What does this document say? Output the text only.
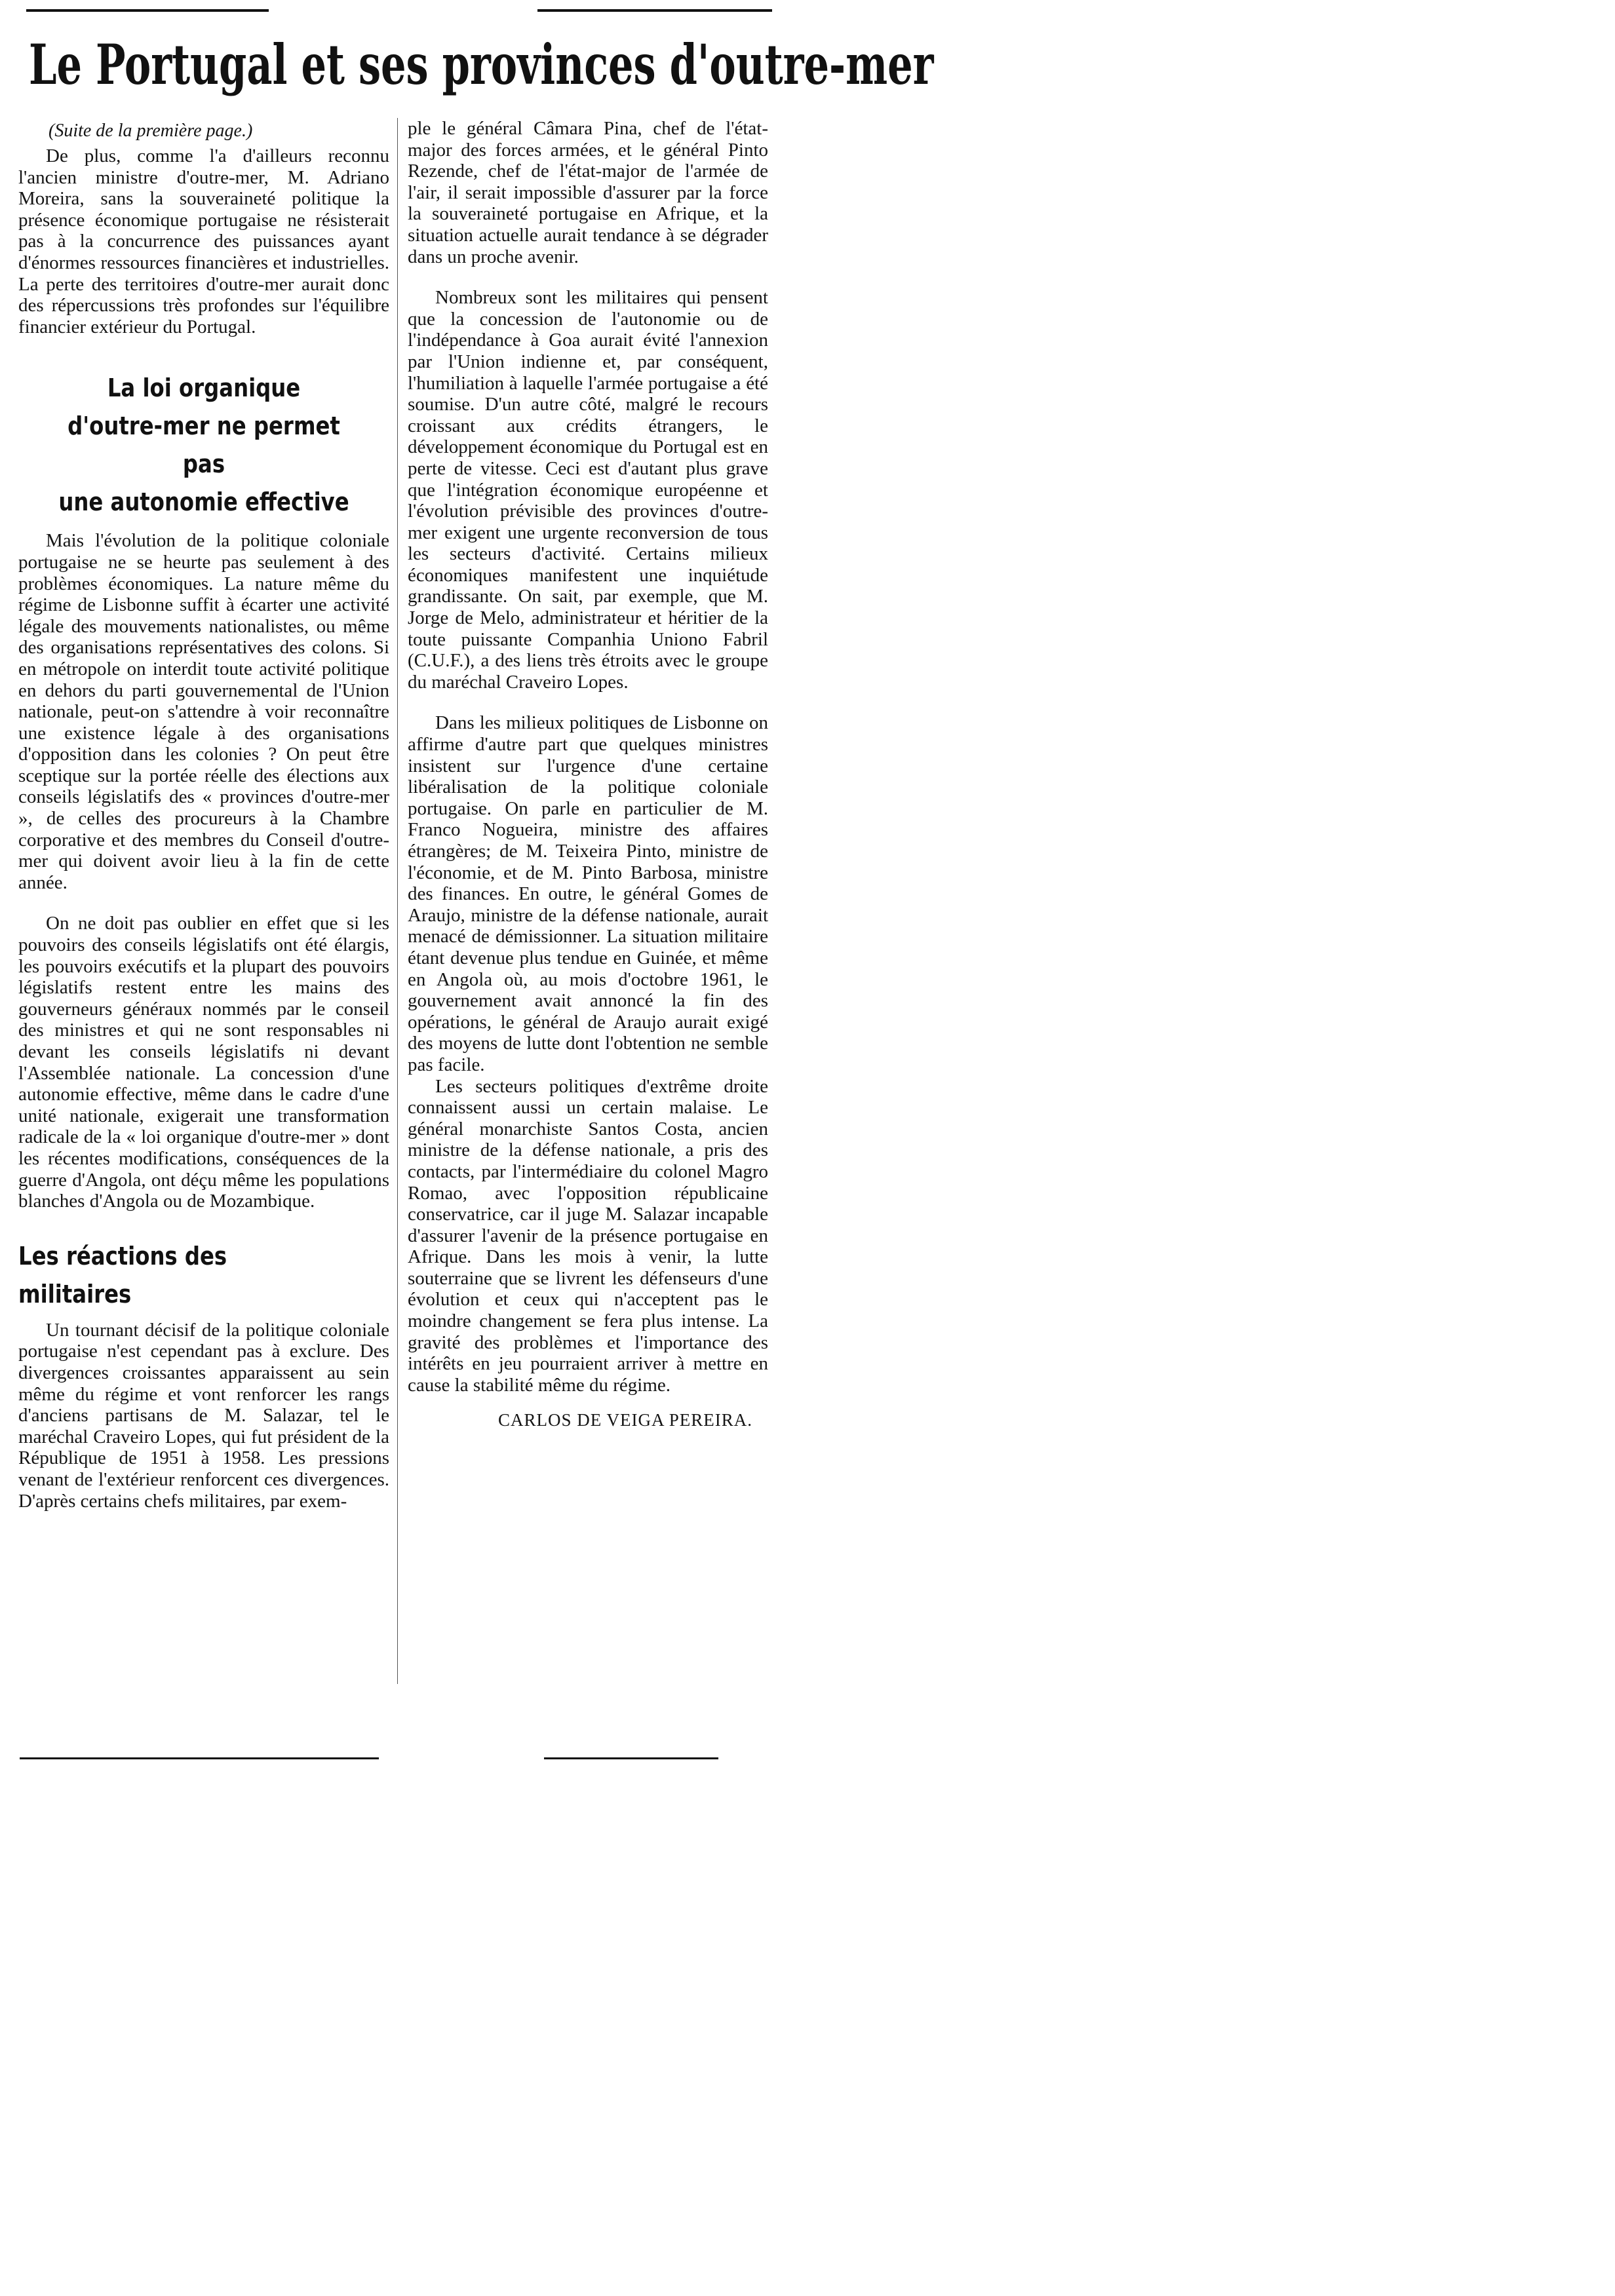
Le Portugal et ses provinces d'outre-mer
(Suite de la première page.)

De plus, comme l'a d'ailleurs reconnu l'ancien ministre d'outre-mer, M. Adriano Moreira, sans la souveraineté politique la présence économique portugaise ne résisterait pas à la concurrence des puissances ayant d'énormes ressources financières et industrielles. La perte des territoires d'outre-mer aurait donc des répercussions très profondes sur l'équilibre financier extérieur du Portugal.

La loi organique
d'outre-mer ne permet pas
une autonomie effective

Mais l'évolution de la politique coloniale portugaise ne se heurte pas seulement à des problèmes économiques. La nature même du régime de Lisbonne suffit à écarter une activité légale des mouvements nationalistes, ou même des organisations représentatives des colons. Si en métropole on interdit toute activité politique en dehors du parti gouvernemental de l'Union nationale, peut-on s'attendre à voir reconnaître une existence légale à des organisations d'opposition dans les colonies ? On peut être sceptique sur la portée réelle des élections aux conseils législatifs des « provinces d'outre-mer », de celles des procureurs à la Chambre corporative et des membres du Conseil d'outre-mer qui doivent avoir lieu à la fin de cette année.

On ne doit pas oublier en effet que si les pouvoirs des conseils législatifs ont été élargis, les pouvoirs exécutifs et la plupart des pouvoirs législatifs restent entre les mains des gouverneurs généraux nommés par le conseil des ministres et qui ne sont responsables ni devant les conseils législatifs ni devant l'Assemblée nationale. La concession d'une autonomie effective, même dans le cadre d'une unité nationale, exigerait une transformation radicale de la « loi organique d'outre-mer » dont les récentes modifications, conséquences de la guerre d'Angola, ont déçu même les populations blanches d'Angola ou de Mozambique.

Les réactions des militaires

Un tournant décisif de la politique coloniale portugaise n'est cependant pas à exclure. Des divergences croissantes apparaissent au sein même du régime et vont renforcer les rangs d'anciens partisans de M. Salazar, tel le maréchal Craveiro Lopes, qui fut président de la République de 1951 à 1958. Les pressions venant de l'extérieur renforcent ces divergences. D'après certains chefs militaires, par exem-

ple le général Câmara Pina, chef de l'état-major des forces armées, et le général Pinto Rezende, chef de l'état-major de l'armée de l'air, il serait impossible d'assurer par la force la souveraineté portugaise en Afrique, et la situation actuelle aurait tendance à se dégrader dans un proche avenir.

Nombreux sont les militaires qui pensent que la concession de l'autonomie ou de l'indépendance à Goa aurait évité l'annexion par l'Union indienne et, par conséquent, l'humiliation à laquelle l'armée portugaise a été soumise. D'un autre côté, malgré le recours croissant aux crédits étrangers, le développement économique du Portugal est en perte de vitesse. Ceci est d'autant plus grave que l'intégration économique européenne et l'évolution prévisible des provinces d'outre-mer exigent une urgente reconversion de tous les secteurs d'activité. Certains milieux économiques manifestent une inquiétude grandissante. On sait, par exemple, que M. Jorge de Melo, administrateur et héritier de la toute puissante Companhia Uniono Fabril (C.U.F.), a des liens très étroits avec le groupe du maréchal Craveiro Lopes.

Dans les milieux politiques de Lisbonne on affirme d'autre part que quelques ministres insistent sur l'urgence d'une certaine libéralisation de la politique coloniale portugaise. On parle en particulier de M. Franco Nogueira, ministre des affaires étrangères; de M. Teixeira Pinto, ministre de l'économie, et de M. Pinto Barbosa, ministre des finances. En outre, le général Gomes de Araujo, ministre de la défense nationale, aurait menacé de démissionner. La situation militaire étant devenue plus tendue en Guinée, et même en Angola où, au mois d'octobre 1961, le gouvernement avait annoncé la fin des opérations, le général de Araujo aurait exigé des moyens de lutte dont l'obtention ne semble pas facile.

Les secteurs politiques d'extrême droite connaissent aussi un certain malaise. Le général monarchiste Santos Costa, ancien ministre de la défense nationale, a pris des contacts, par l'intermédiaire du colonel Magro Romao, avec l'opposition républicaine conservatrice, car il juge M. Salazar incapable d'assurer l'avenir de la présence portugaise en Afrique. Dans les mois à venir, la lutte souterraine que se livrent les défenseurs d'une évolution et ceux qui n'acceptent pas le moindre changement se fera plus intense. La gravité des problèmes et l'importance des intérêts en jeu pourraient arriver à mettre en cause la stabilité même du régime.

CARLOS DE VEIGA PEREIRA.
